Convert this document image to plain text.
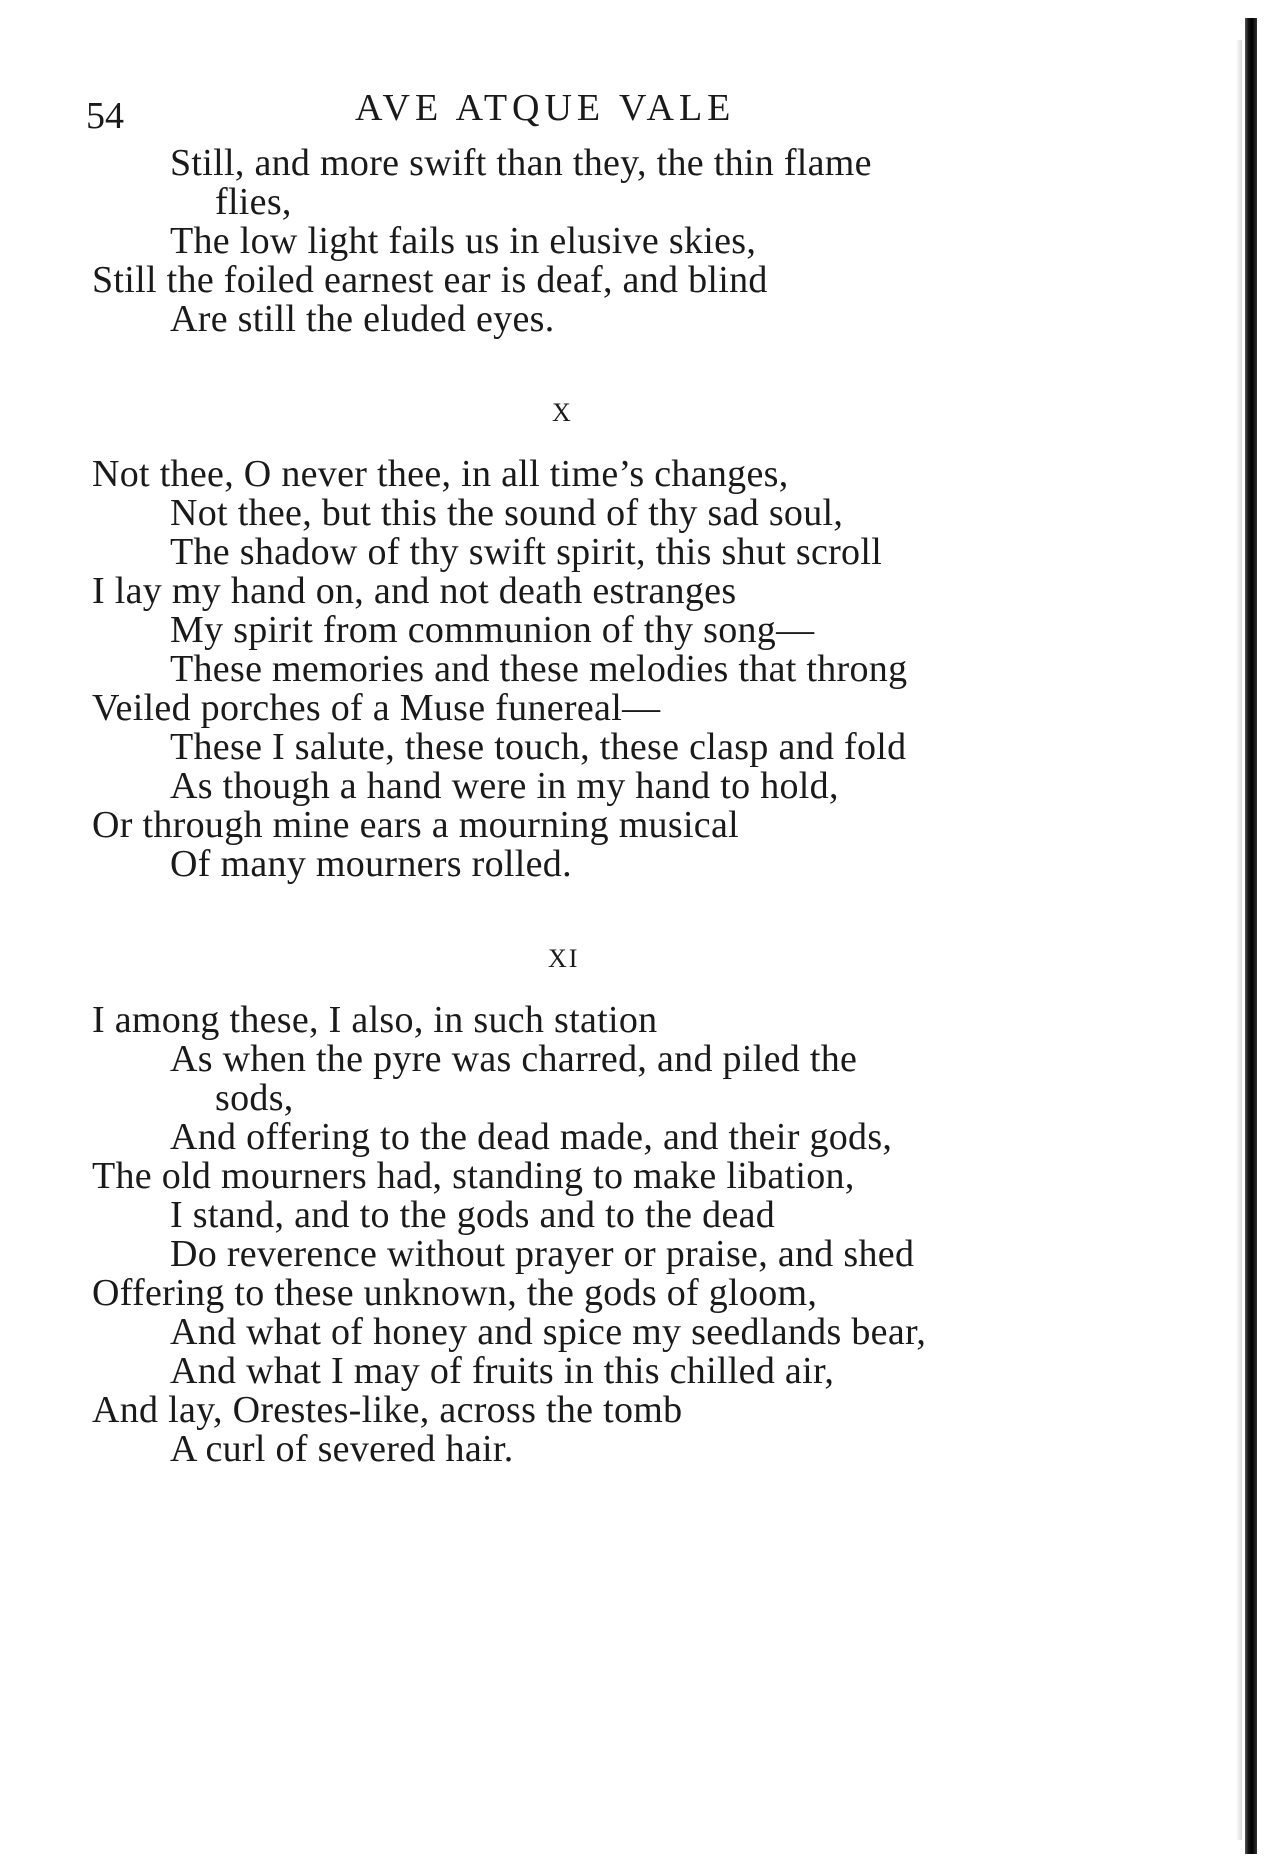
54	AVE ATQUE VALE
Still, and more swift than they, the thin flame
flies,
The low light fails us in elusive skies,
Still the foiled earnest ear is deaf, and blind
Are still the eluded eyes.
X
Not thee, O never thee, in all time’s changes,
Not thee, but this the sound of thy sad soul,
The shadow of thy swift spirit, this shut scroll
I lay my hand on, and not death estranges
My spirit from communion of thy song—
These memories and these melodies that throng
Veiled porches of a Muse funereal—
These I salute, these touch, these clasp and fold
As though a hand were in my hand to hold,
Or through mine ears a mourning musical
Of many mourners rolled.
XI
I among these, I also, in such station
As when the pyre was charred, and piled the
sods,
And offering to the dead made, and their gods,
The old mourners had, standing to make libation,
I stand, and to the gods and to the dead
Do reverence without prayer or praise, and shed
Offering to these unknown, the gods of gloom,
And what of honey and spice my seedlands bear,
And what I may of fruits in this chilled air,
And lay, Orestes-like, across the tomb
A curl of severed hair.
